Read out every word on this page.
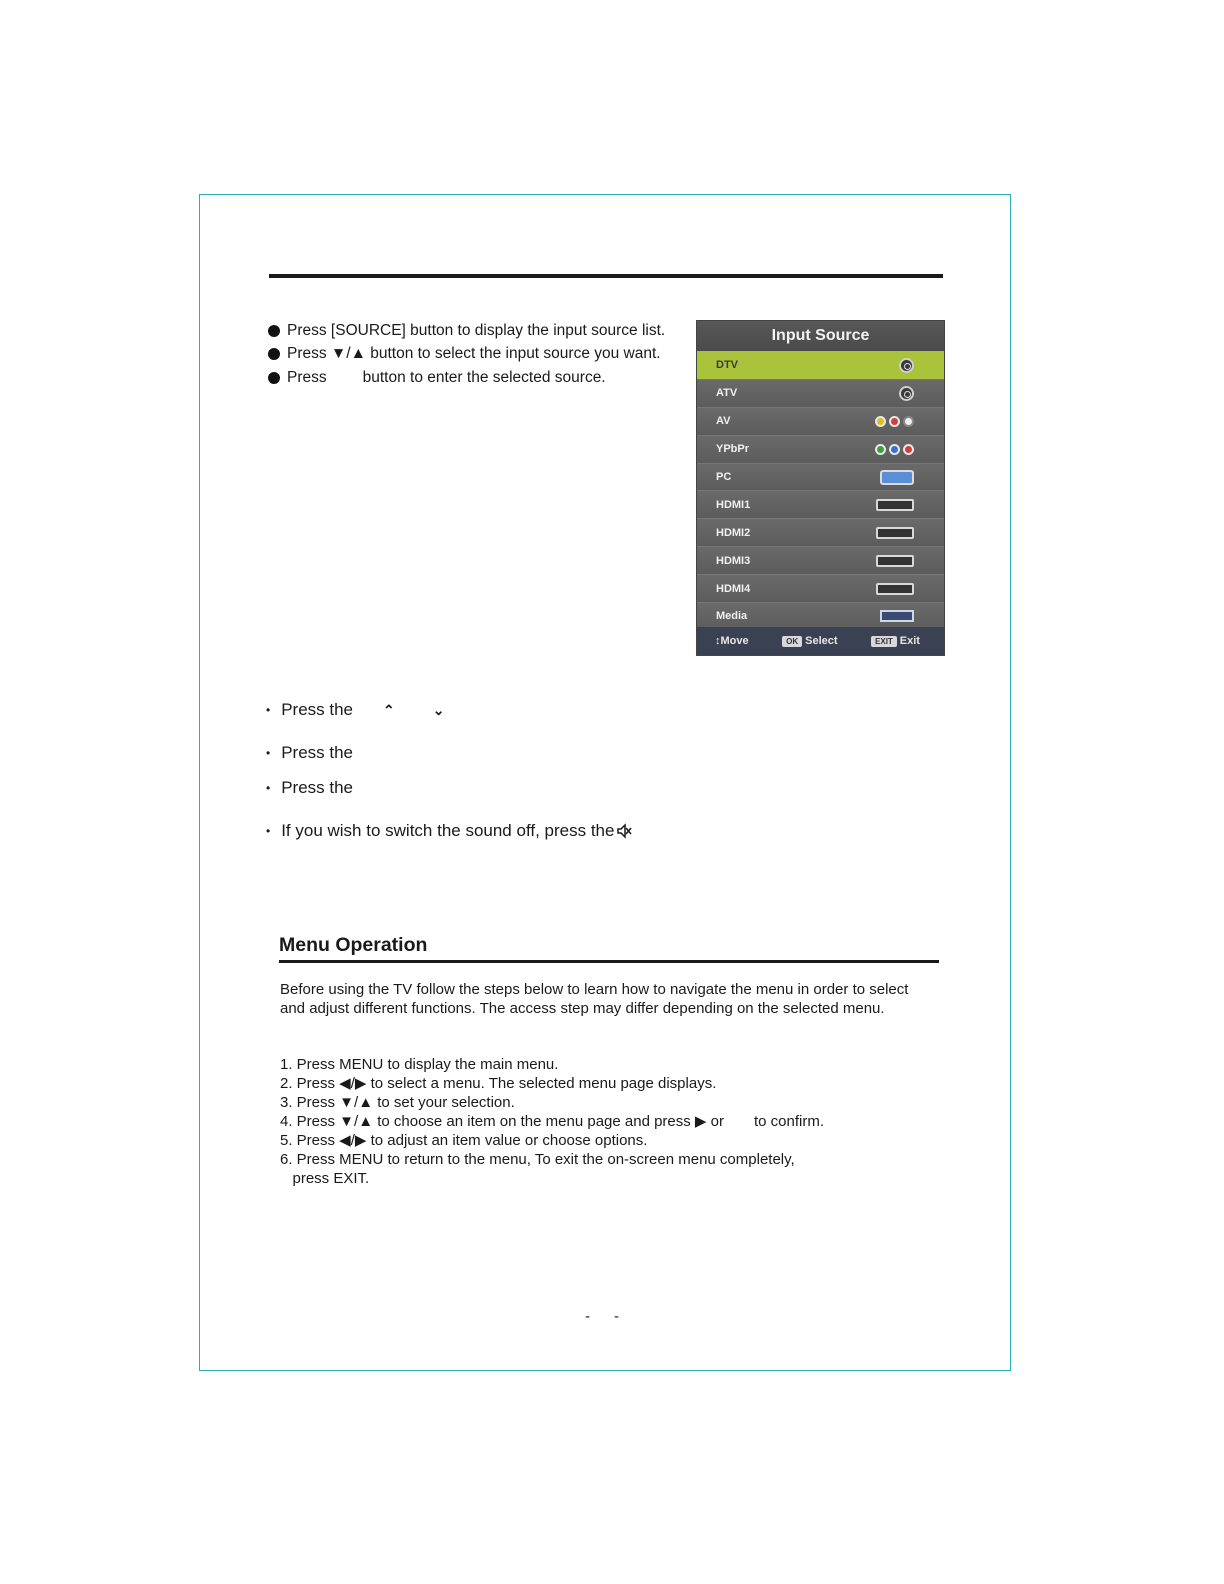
Press [SOURCE] button to display the input source list.
Press ▼/▲ button to select the input source you want.
Press button to enter the selected source.
Input Source
DTV
ATV
AV
YPbPr
PC
HDMI1
HDMI2
HDMI3
HDMI4
Media
↕Move	OK Select	EXIT Exit
• Press the ⌃	⌄
• Press the
• Press the
• If you wish to switch the sound off, press the
Menu Operation
Before using the TV follow the steps below to learn how to navigate the menu in order to select and adjust different functions. The access step may differ depending on the selected menu.
1. Press MENU to display the main menu.
2. Press ◀/▶ to select a menu. The selected menu page displays.
3. Press ▼/▲ to set your selection.
4. Press ▼/▲ to choose an item on the menu page and press ▶ or to confirm.
5. Press ◀/▶ to adjust an item value or choose options.
6. Press MENU to return to the menu, To exit the on-screen menu completely,
press EXIT.
--
